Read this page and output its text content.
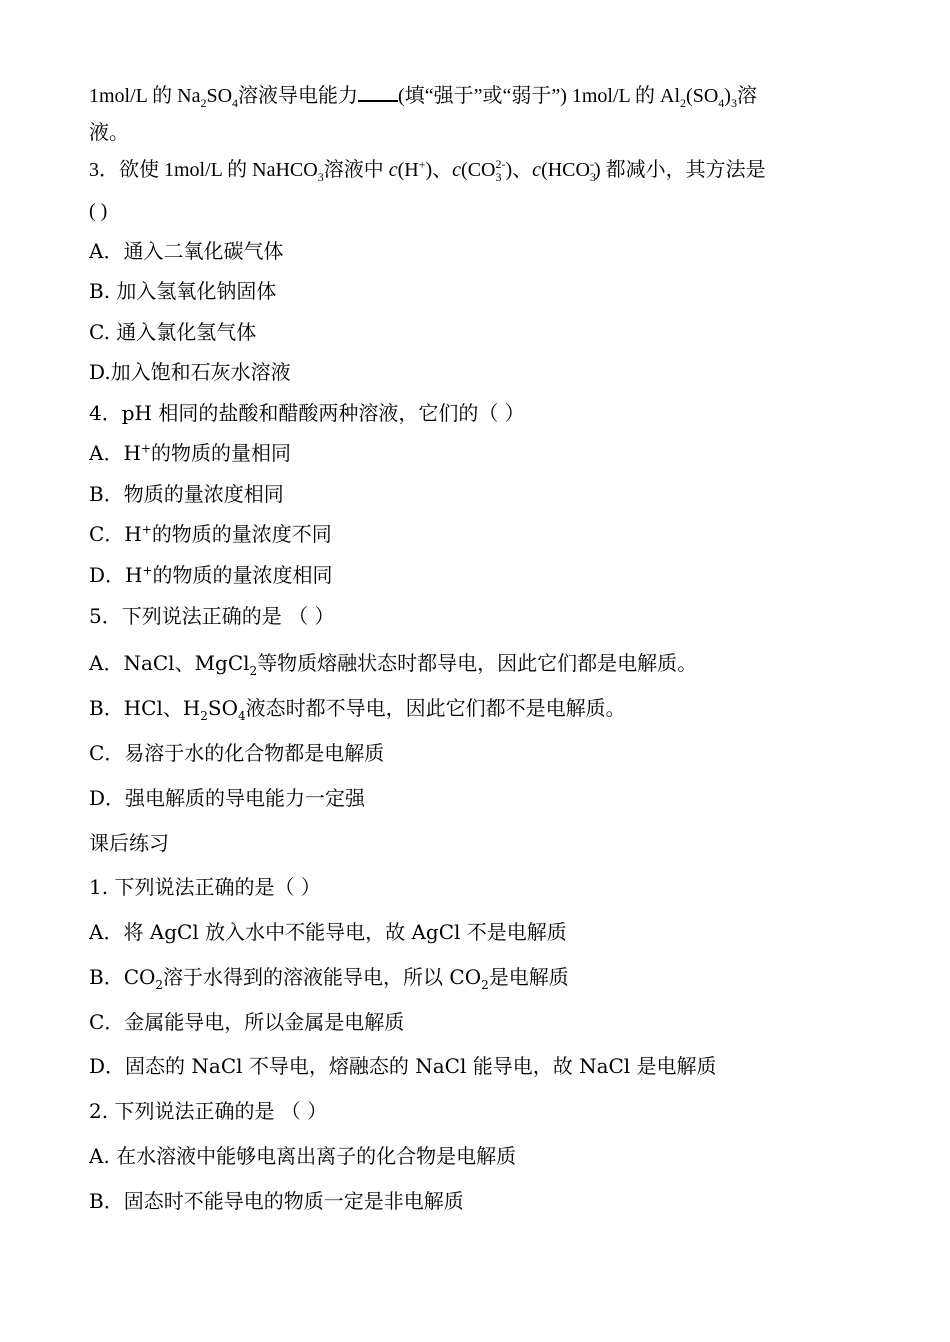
1mol/L 的 $Na_2SO_4$溶液导电能力 (填“强于”或“弱于”) 1mol/L 的 $Al_2(SO_4)_3$溶
液。
3．欲使 1mol/L 的 NaHCO$_3$溶液中 c(H+)、$c(CO_3^{2-})$、$c(HCO_3^-)$ 都减小，其方法是
( )
A．通入二氧化碳气体
B. 加入氢氧化钠固体
C. 通入氯化氢气体
D.加入饱和石灰水溶液
4．pH 相同的盐酸和醋酸两种溶液，它们的（ ）
A．H+的物质的量相同
B．物质的量浓度相同
C．H+的物质的量浓度不同
D．H+的物质的量浓度相同
5．下列说法正确的是 （ ）
A．NaCl、MgCl$_2$等物质熔融状态时都导电，因此它们都是电解质。
B．HCl、$H_2SO_4$液态时都不导电，因此它们都不是电解质。
C．易溶于水的化合物都是电解质
D．强电解质的导电能力一定强
课后练习
1. 下列说法正确的是（ ）
A．将 AgCl 放入水中不能导电，故 AgCl 不是电解质
B．$CO_2$溶于水得到的溶液能导电，所以 $CO_2$是电解质
C．金属能导电，所以金属是电解质
D．固态的 NaCl 不导电，熔融态的 NaCl 能导电，故 NaCl 是电解质
2. 下列说法正确的是 （ ）
A. 在水溶液中能够电离出离子的化合物是电解质
B．固态时不能导电的物质一定是非电解质
